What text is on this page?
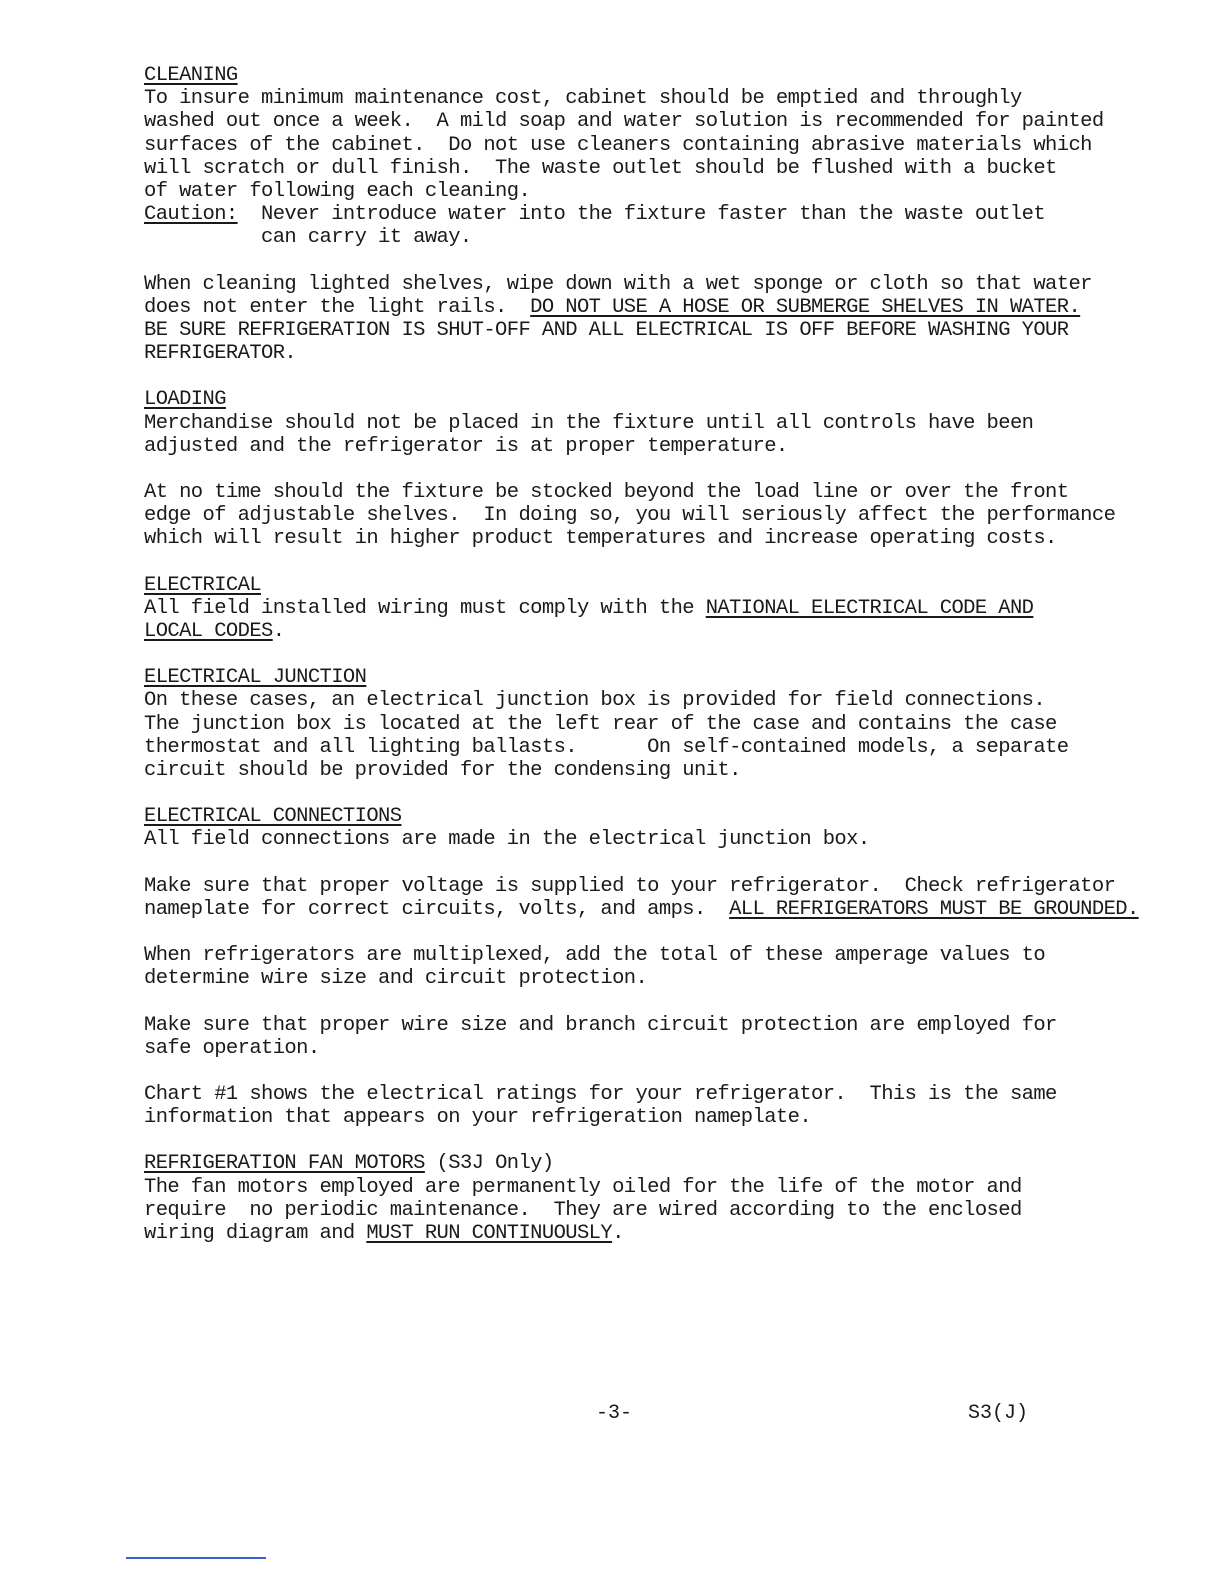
CLEANING
To insure minimum maintenance cost, cabinet should be emptied and throughly
washed out once a week.  A mild soap and water solution is recommended for painted
surfaces of the cabinet.  Do not use cleaners containing abrasive materials which
will scratch or dull finish.  The waste outlet should be flushed with a bucket
of water following each cleaning.
Caution:	Never introduce water into the fixture faster than the waste outlet
can carry it away.
When cleaning lighted shelves, wipe down with a wet sponge or cloth so that water
does not enter the light rails.  DO NOT USE A HOSE OR SUBMERGE SHELVES IN WATER.
BE SURE REFRIGERATION IS SHUT-OFF AND ALL ELECTRICAL IS OFF BEFORE WASHING YOUR
REFRIGERATOR.
LOADING
Merchandise should not be placed in the fixture until all controls have been
adjusted and the refrigerator is at proper temperature.
At no time should the fixture be stocked beyond the load line or over the front
edge of adjustable shelves.  In doing so, you will seriously affect the performance
which will result in higher product temperatures and increase operating costs.
ELECTRICAL
All field installed wiring must comply with the NATIONAL ELECTRICAL CODE AND
LOCAL CODES.
ELECTRICAL JUNCTION
On these cases, an electrical junction box is provided for field connections.
The junction box is located at the left rear of the case and contains the case
thermostat and all lighting ballasts.      On self-contained models, a separate
circuit should be provided for the condensing unit.
ELECTRICAL CONNECTIONS
All field connections are made in the electrical junction box.
Make sure that proper voltage is supplied to your refrigerator.  Check refrigerator
nameplate for correct circuits, volts, and amps.  ALL REFRIGERATORS MUST BE GROUNDED.
When refrigerators are multiplexed, add the total of these amperage values to
determine wire size and circuit protection.
Make sure that proper wire size and branch circuit protection are employed for
safe operation.
Chart #1 shows the electrical ratings for your refrigerator.  This is the same
information that appears on your refrigeration nameplate.
REFRIGERATION FAN MOTORS (S3J Only)
The fan motors employed are permanently oiled for the life of the motor and
require  no periodic maintenance.  They are wired according to the enclosed
wiring diagram and MUST RUN CONTINUOUSLY.
-3-	S3(J)
